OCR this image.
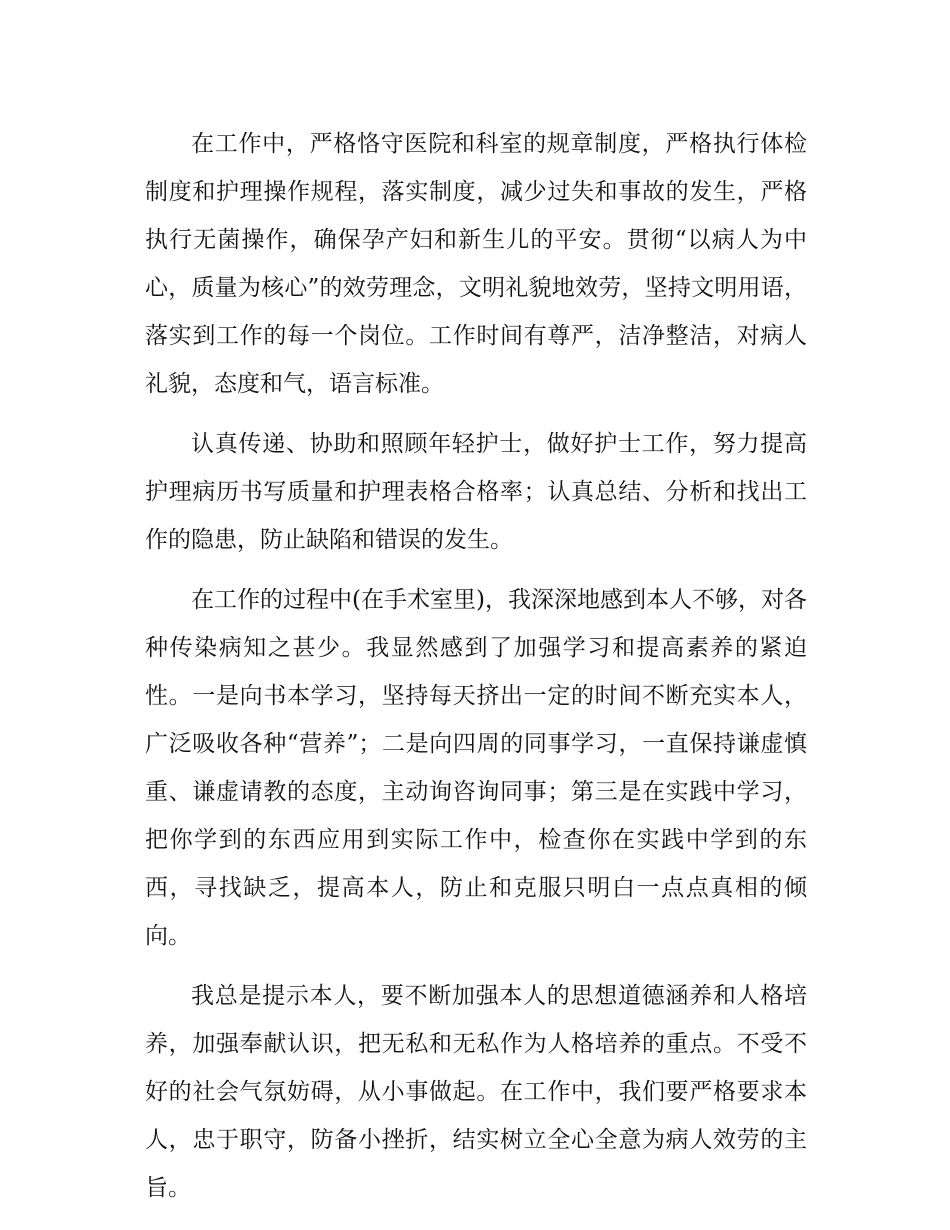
在工作中，严格恪守医院和科室的规章制度，严格执行体检制度和护理操作规程，落实制度，减少过失和事故的发生，严格执行无菌操作，确保孕产妇和新生儿的平安。贯彻“以病人为中心，质量为核心”的效劳理念，文明礼貌地效劳，坚持文明用语，落实到工作的每一个岗位。工作时间有尊严，洁净整洁，对病人礼貌，态度和气，语言标准。

认真传递、协助和照顾年轻护士，做好护士工作，努力提高护理病历书写质量和护理表格合格率；认真总结、分析和找出工作的隐患，防止缺陷和错误的发生。

在工作的过程中(在手术室里)，我深深地感到本人不够，对各种传染病知之甚少。我显然感到了加强学习和提高素养的紧迫性。一是向书本学习，坚持每天挤出一定的时间不断充实本人，广泛吸收各种“营养”；二是向四周的同事学习，一直保持谦虚慎重、谦虚请教的态度，主动询咨询同事；第三是在实践中学习，把你学到的东西应用到实际工作中，检查你在实践中学到的东西，寻找缺乏，提高本人，防止和克服只明白一点点真相的倾向。

我总是提示本人，要不断加强本人的思想道德涵养和人格培养，加强奉献认识，把无私和无私作为人格培养的重点。不受不好的社会气氛妨碍，从小事做起。在工作中，我们要严格要求本人，忠于职守，防备小挫折，结实树立全心全意为病人效劳的主旨。
